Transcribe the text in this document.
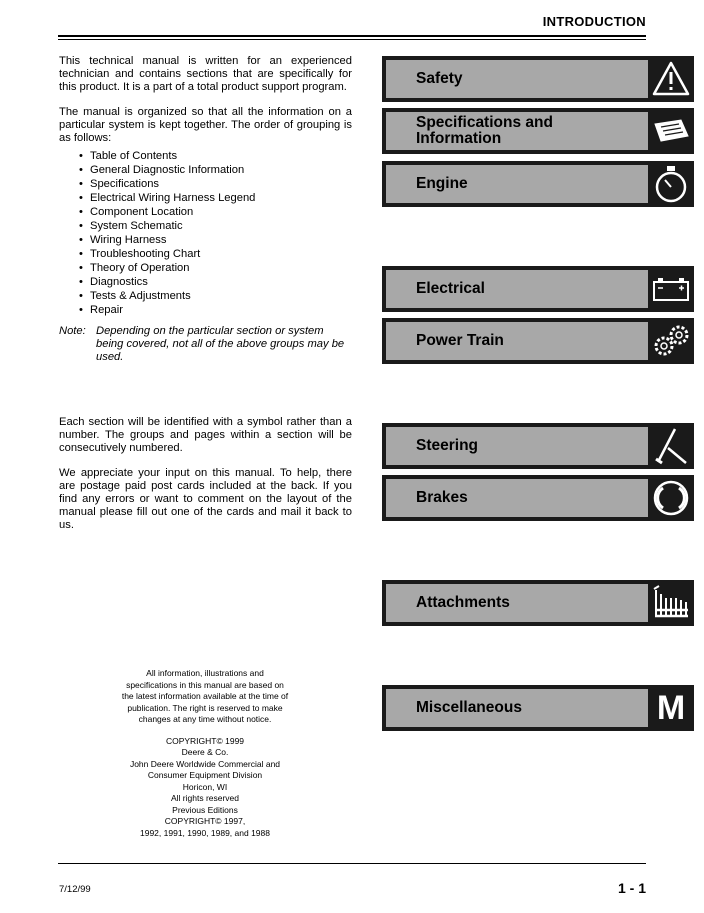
INTRODUCTION

This technical manual is written for an experienced technician and contains sections that are specifically for this product. It is a part of a total product support program.

The manual is organized so that all the information on a particular system is kept together. The order of grouping is as follows:

• Table of Contents
• General Diagnostic Information
• Specifications
• Electrical Wiring Harness Legend
• Component Location
• System Schematic
• Wiring Harness
• Troubleshooting Chart
• Theory of Operation
• Diagnostics
• Tests & Adjustments
• Repair
Note: Depending on the particular section or system being covered, not all of the above groups may be used.

Each section will be identified with a symbol rather than a number. The groups and pages within a section will be consecutively numbered.

We appreciate your input on this manual. To help, there are postage paid post cards included at the back. If you find any errors or want to comment on the layout of the manual please fill out one of the cards and mail it back to us.

All information, illustrations and
specifications in this manual are based on
the latest information available at the time of
publication. The right is reserved to make
changes at any time without notice.
COPYRIGHT© 1999
Deere & Co.
John Deere Worldwide Commercial and
Consumer Equipment Division
Horicon, WI
All rights reserved
Previous Editions
COPYRIGHT© 1997,
1992, 1991, 1990, 1989, and 1988
Safety
Specifications and Information
Engine
Electrical
Power Train
Steering
Brakes
Attachments
Miscellaneous	M
7/12/99	1 - 1
